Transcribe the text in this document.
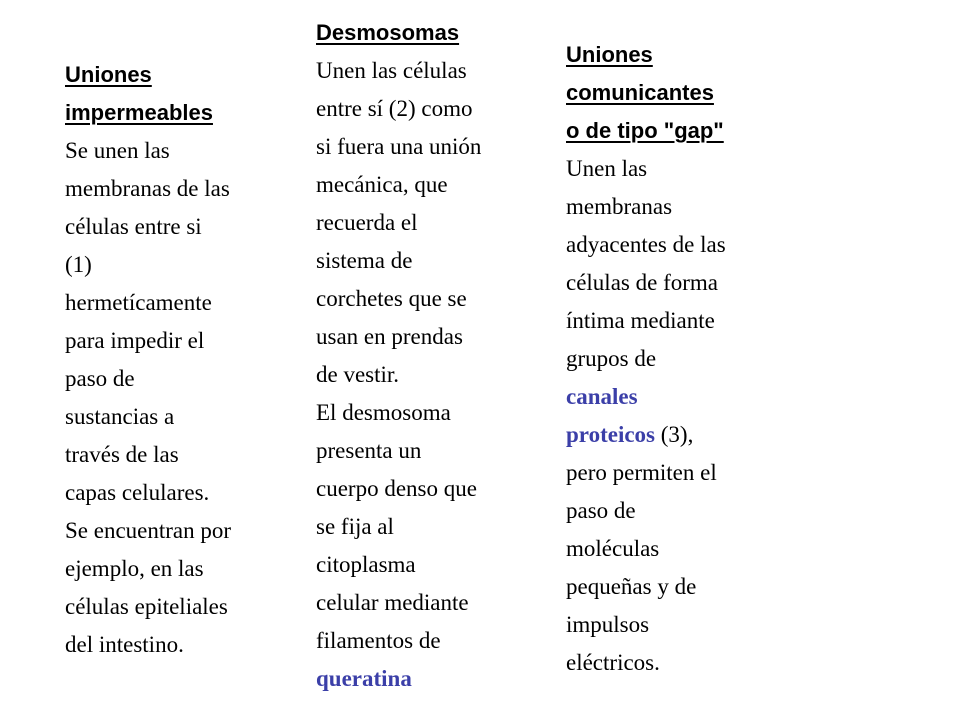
Uniones
impermeables
Se unen las
membranas de las
células entre si
(1)
hermetícamente
para impedir el
paso de
sustancias a
través de las
capas celulares.
Se encuentran por
ejemplo, en las
células epiteliales
del intestino.
Desmosomas
Unen las células
entre sí (2) como
si fuera una unión
mecánica, que
recuerda el
sistema de
corchetes que se
usan en prendas
de vestir.
El desmosoma
presenta un
cuerpo denso que
se fija al
citoplasma
celular mediante
filamentos de
queratina
Uniones
comunicantes
o de tipo "gap"
Unen las
membranas
adyacentes de las
células de forma
íntima mediante
grupos de
canales
proteicos (3),
pero permiten el
paso de
moléculas
pequeñas y de
impulsos
eléctricos.
